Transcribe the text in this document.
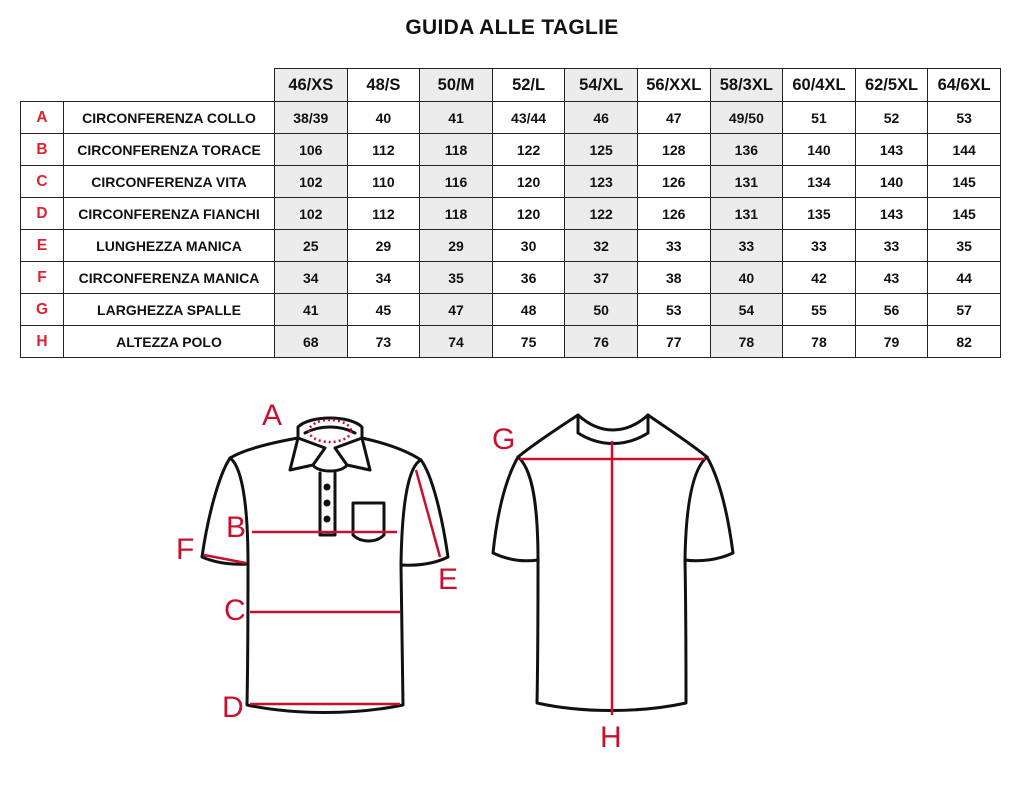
GUIDA ALLE TAGLIE
		46/XS	48/S	50/M	52/L	54/XL	56/XXL	58/3XL	60/4XL	62/5XL	64/6XL
A	CIRCONFERENZA COLLO	38/39	40	41	43/44	46	47	49/50	51	52	53
B	CIRCONFERENZA TORACE	106	112	118	122	125	128	136	140	143	144
C	CIRCONFERENZA VITA	102	110	116	120	123	126	131	134	140	145
D	CIRCONFERENZA FIANCHI	102	112	118	120	122	126	131	135	143	145
E	LUNGHEZZA MANICA	25	29	29	30	32	33	33	33	33	35
F	CIRCONFERENZA MANICA	34	34	35	36	37	38	40	42	43	44
G	LARGHEZZA SPALLE	41	45	47	48	50	53	54	55	56	57
H	ALTEZZA POLO	68	73	74	75	76	77	78	78	79	82
A
B
C
D
E
F
G
H
